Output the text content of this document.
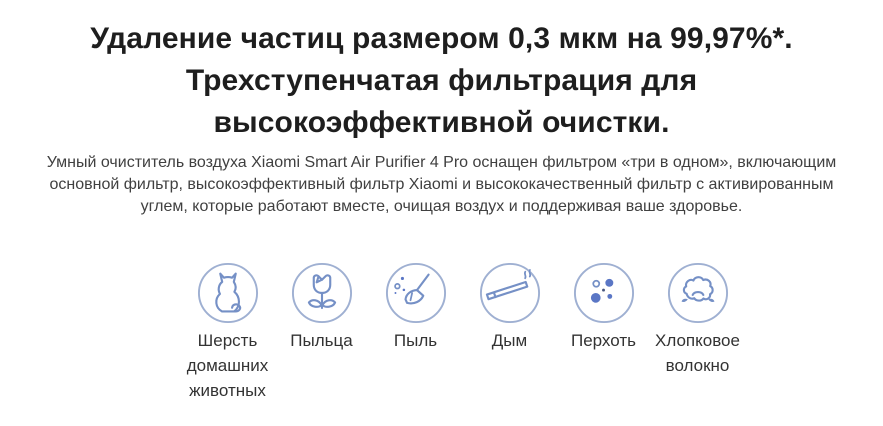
Удаление частиц размером 0,3 мкм на 99,97%*.
Трехступенчатая фильтрация для
высокоэффективной очистки.

Умный очиститель воздуха Xiaomi Smart Air Purifier 4 Pro оснащен фильтром «три в одном», включающим
основной фильтр, высокоэффективный фильтр Xiaomi и высококачественный фильтр с активированным
углем, которые работают вместе, очищая воздух и поддерживая ваше здоровье.

Шерсть домашних животных
Пыльца Пыль	Дым	Перхоть Хлопковое волокно
